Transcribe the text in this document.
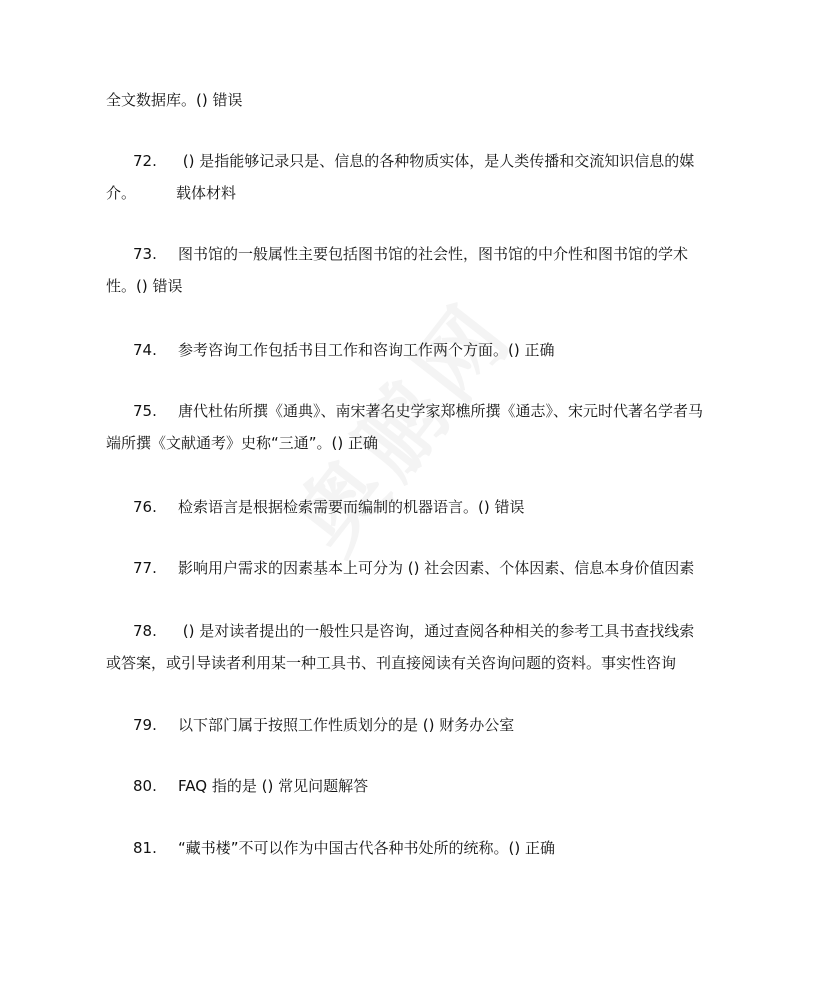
全文数据库。() 错误
72. () 是指能够记录只是、信息的各种物质实体，是人类传播和交流知识信息的媒
介。	载体材料
73. 图书馆的一般属性主要包括图书馆的社会性，图书馆的中介性和图书馆的学术
性。() 错误
74. 参考咨询工作包括书目工作和咨询工作两个方面。() 正确
75. 唐代杜佑所撰《通典》、南宋著名史学家郑樵所撰《通志》、宋元时代著名学者马
端所撰《文献通考》史称“三通”。() 正确
76. 检索语言是根据检索需要而编制的机器语言。() 错误
77. 影响用户需求的因素基本上可分为 () 社会因素、个体因素、信息本身价值因素
78. () 是对读者提出的一般性只是咨询，通过查阅各种相关的参考工具书查找线索
或答案，或引导读者利用某一种工具书、刊直接阅读有关咨询问题的资料。事实性咨询
79. 以下部门属于按照工作性质划分的是 () 财务办公室
80. FAQ 指的是 () 常见问题解答
81. “藏书楼”不可以作为中国古代各种书处所的统称。() 正确
